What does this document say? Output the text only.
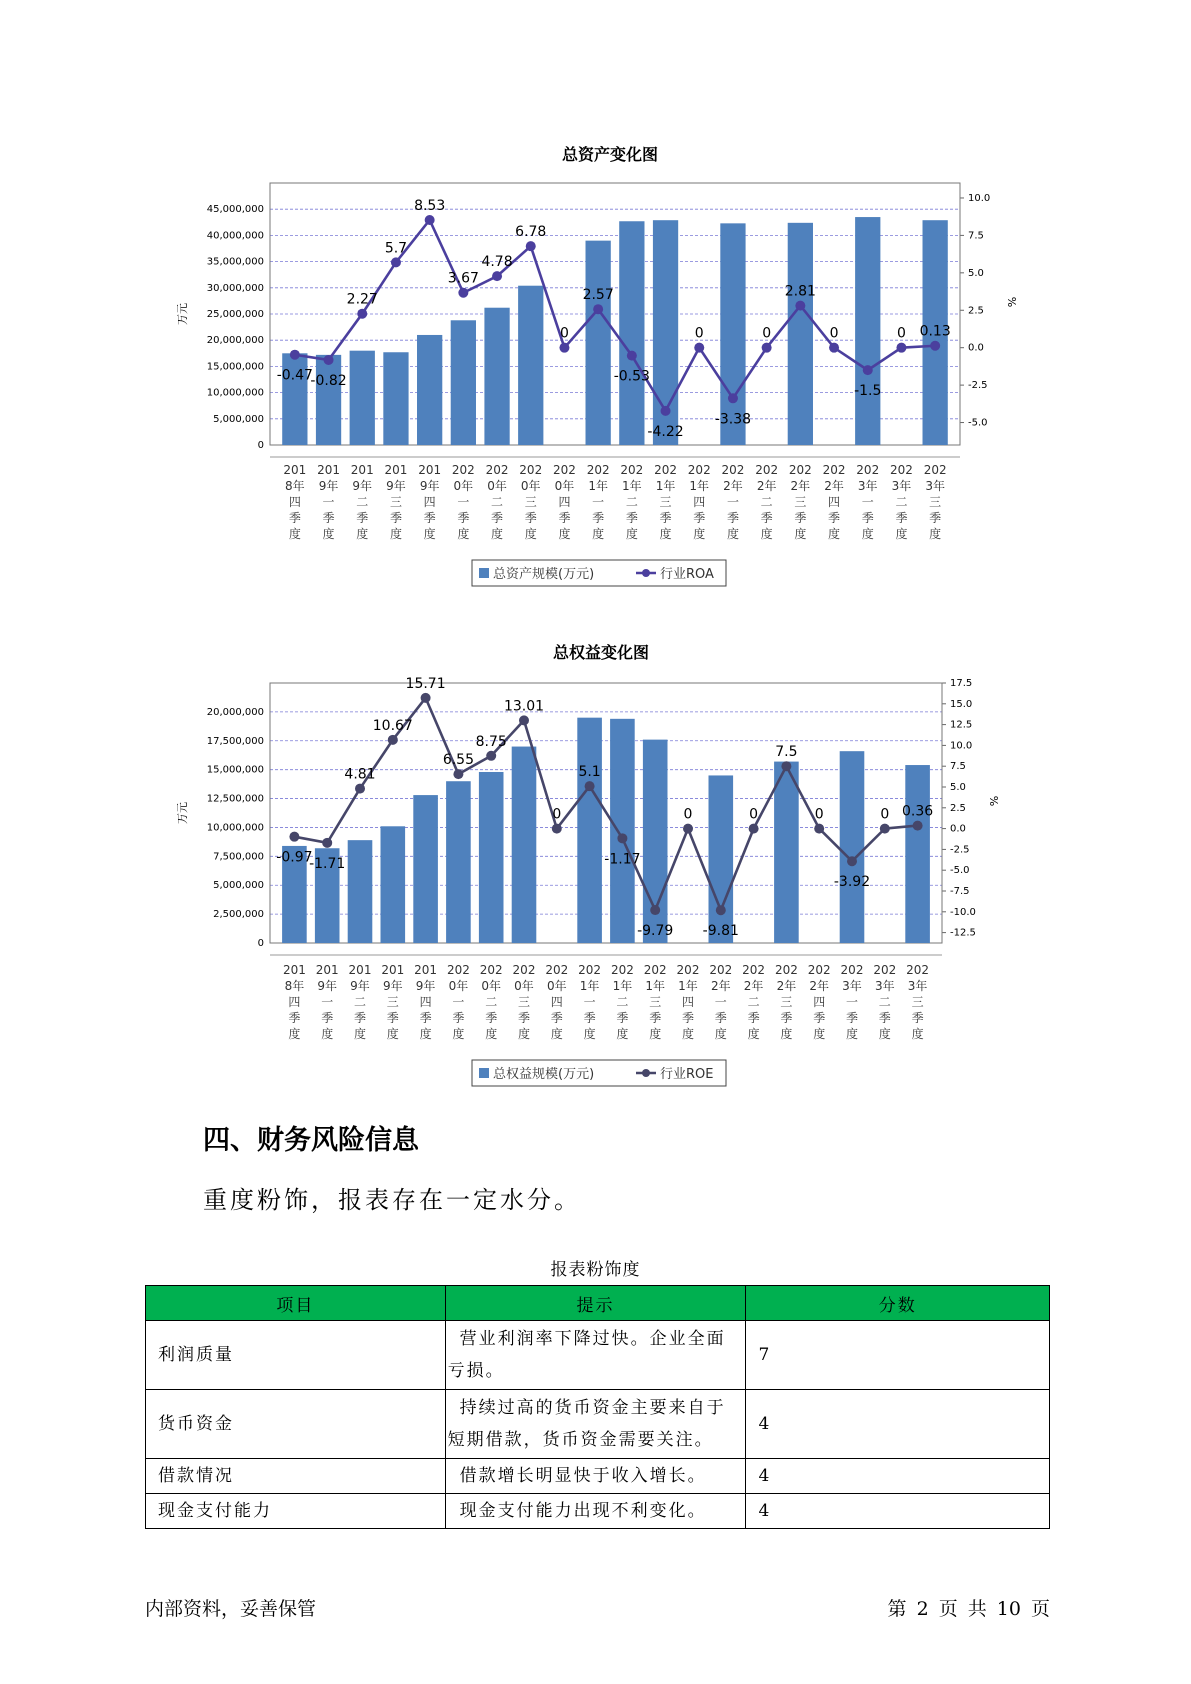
总资产变化图
0
5,000,000
10,000,000
15,000,000
20,000,000
25,000,000
30,000,000
35,000,000
40,000,000
45,000,000
-5.0
-2.5
0.0
2.5
5.0
7.5
10.0
万元
%
-0.47
-0.82
2.27
5.7
8.53
3.67
4.78
6.78
0
2.57
-0.53
-4.22
0
-3.38
0
2.81
0
-1.5
0 0.13
201
8年
四
季
度
201
9年
一
季
度
201
9年
二
季
度
201
9年
三
季
度
201
9年
四
季
度
202
0年
一
季
度
202
0年
二
季
度
202
0年
三
季
度
202
0年
四
季
度
202
1年
一
季
度
202
1年
二
季
度
202
1年
三
季
度
202
1年
四
季
度
202
2年
一
季
度
202
2年
二
季
度
202
2年
三
季
度
202
2年
四
季
度
202
3年
一
季
度
202
3年
二
季
度
202
3年
三
季
度
总资产规模(万元)	行业ROA
总权益变化图
0
2,500,000
5,000,000
7,500,000
10,000,000
12,500,000
15,000,000
17,500,000
20,000,000
-12.5
-10.0
-7.5
-5.0
-2.5
0.0
2.5
5.0
7.5
10.0
12.5
15.0
17.5
万元
%
-0.97
-1.71
4.81
10.67
15.71
6.55
8.75
13.01
0
5.1
-1.17
-9.79
0
-9.81
0
7.5
0
-3.92
0 0.36
201
8年
四
季
度
201
9年
一
季
度
201
9年
二
季
度
201
9年
三
季
度
201
9年
四
季
度
202
0年
一
季
度
202
0年
二
季
度
202
0年
三
季
度
202
0年
四
季
度
202
1年
一
季
度
202
1年
二
季
度
202
1年
三
季
度
202
1年
四
季
度
202
2年
一
季
度
202
2年
二
季
度
202
2年
三
季
度
202
2年
四
季
度
202
3年
一
季
度
202
3年
二
季
度
202
3年
三
季
度
总权益规模(万元)	行业ROE
四、财务风险信息

重度粉饰，报表存在一定水分。

报表粉饰度
项目	提示	分数
利润质量	营业利润率下降过快。企业全面亏损。	7
货币资金	持续过高的货币资金主要来自于短期借款，货币资金需要关注。	4
借款情况	借款增长明显快于收入增长。	4
现金支付能力	现金支付能力出现不利变化。	4
内部资料，妥善保管	第 2 页 共 10 页
